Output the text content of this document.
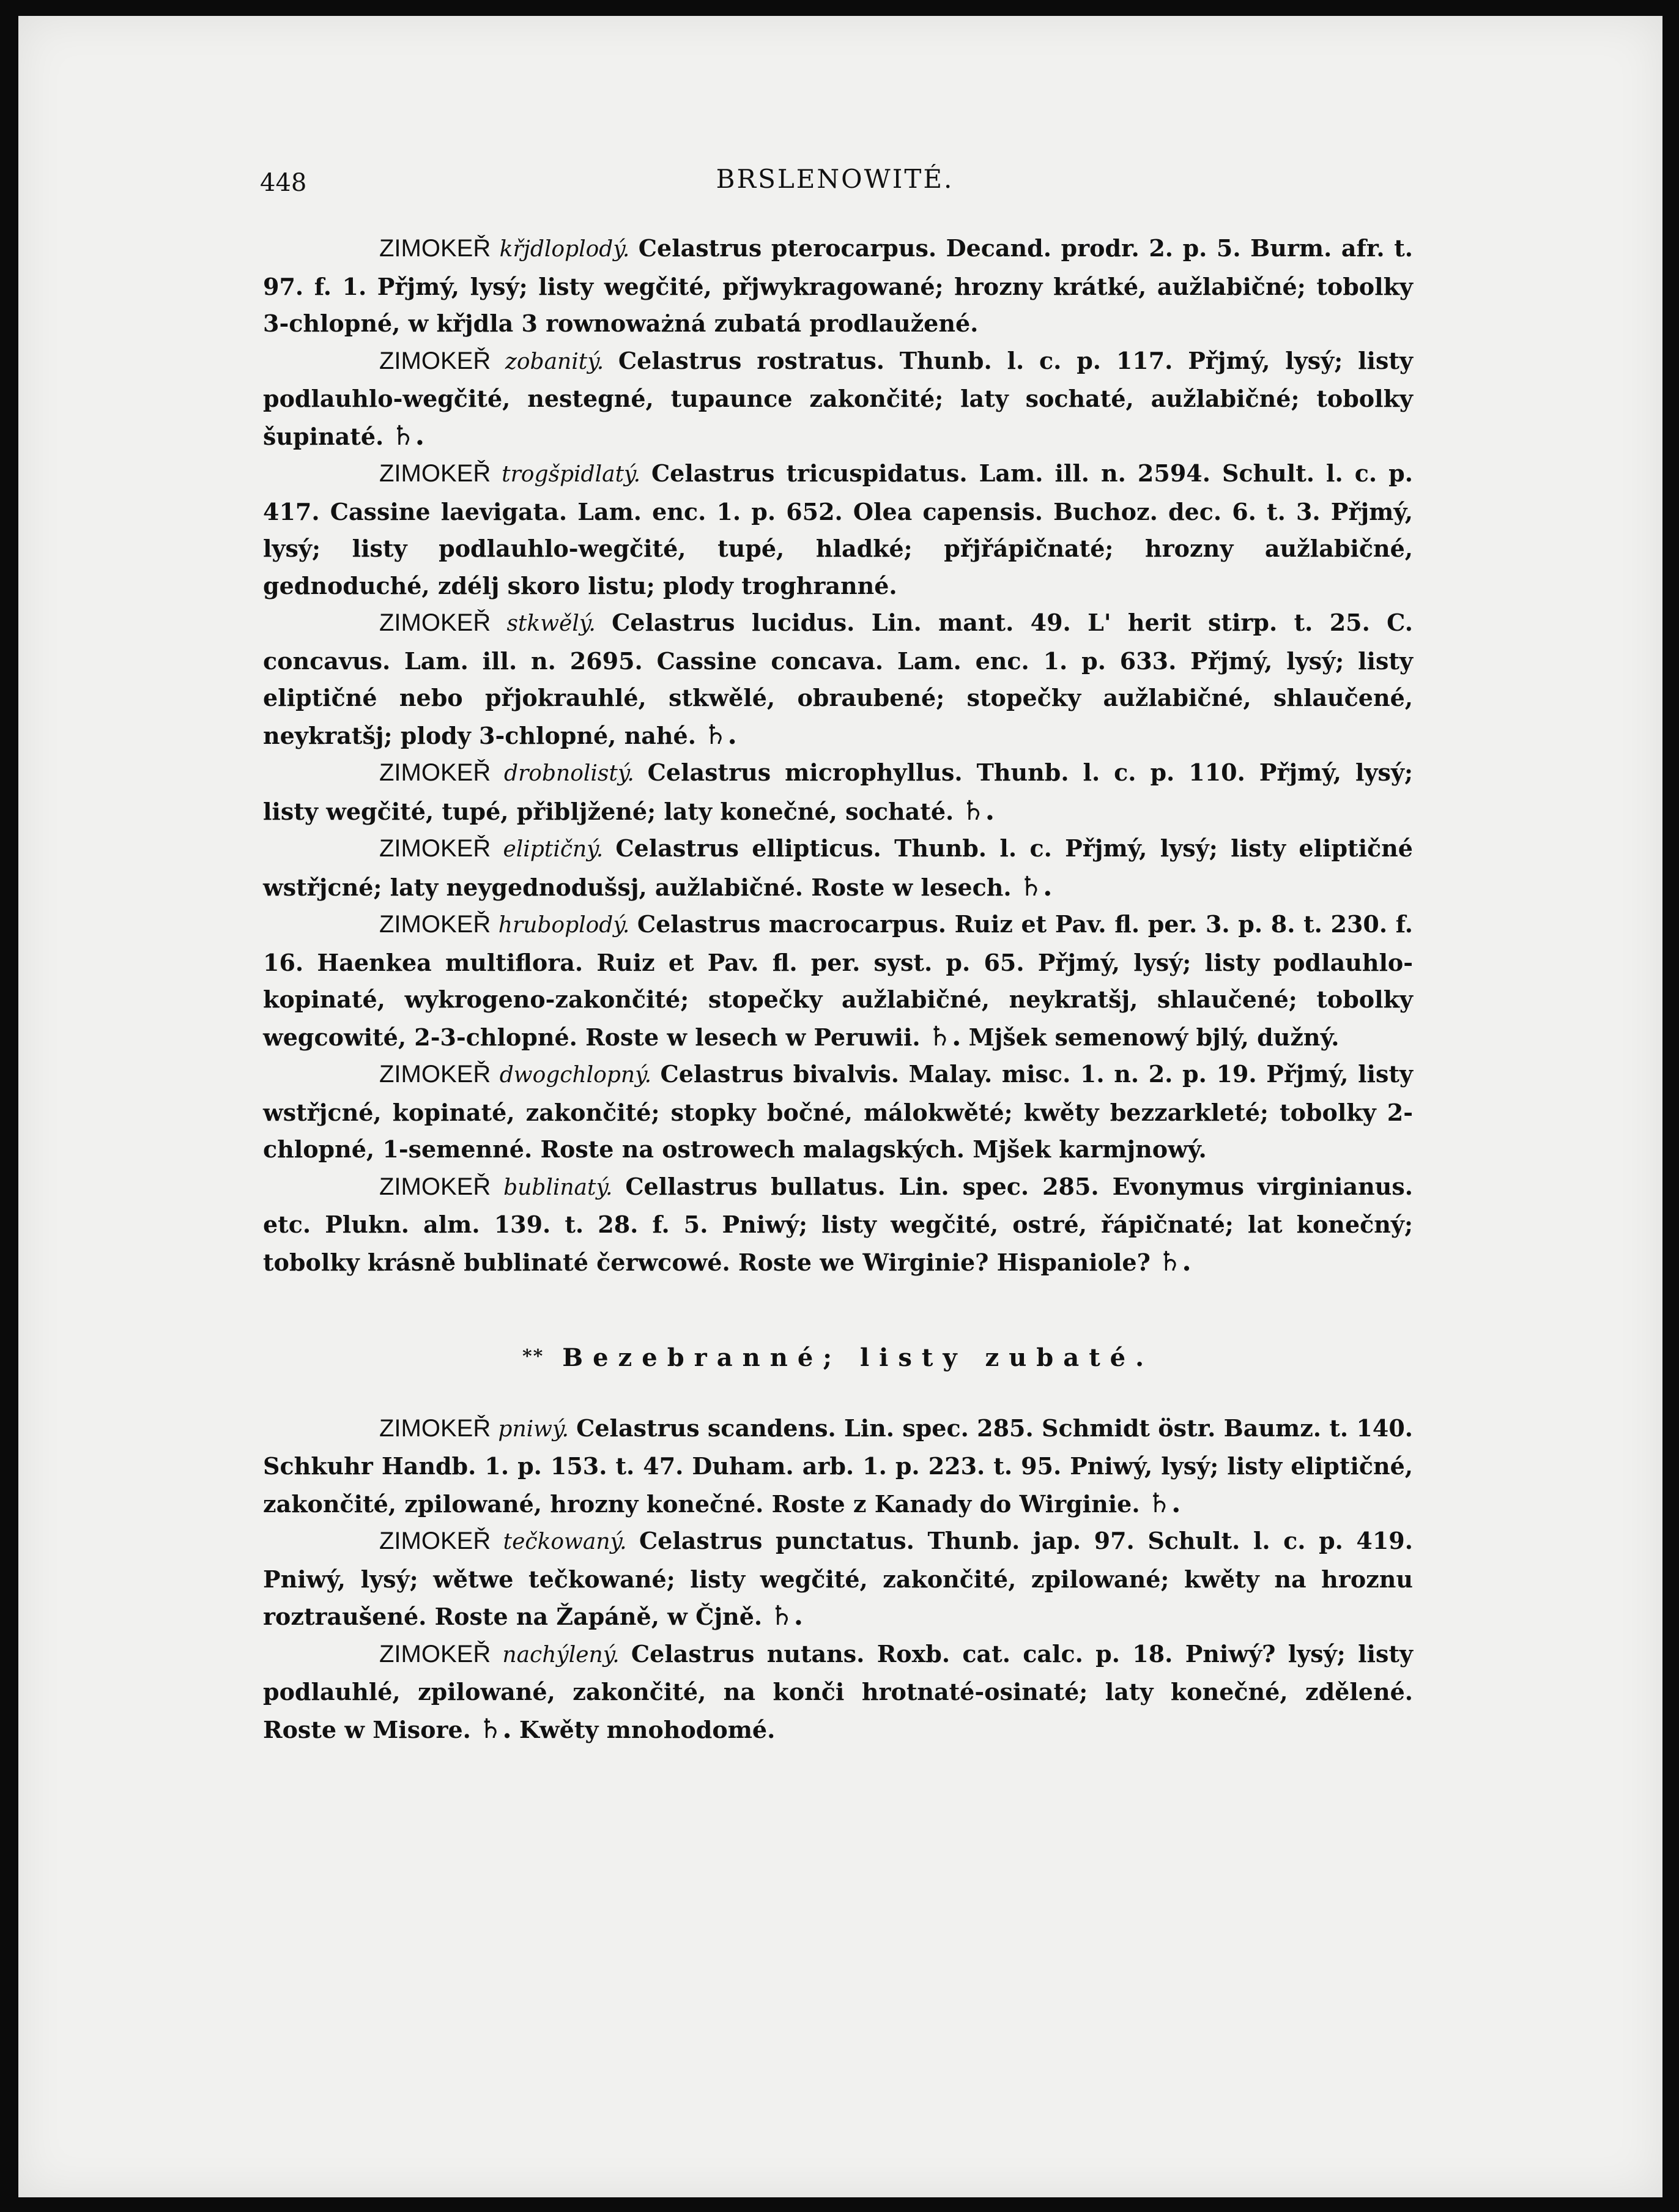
448	BRSLENOWITÉ.

ZIMOKEŘ křjdloplodý. Celastrus pterocarpus. Decand. prodr. 2. p. 5. Burm. afr. t. 97. f. 1. Přjmý, lysý; listy wegčité, přjwykragowané; hrozny krátké, aužlabičné; tobolky 3-chlopné, w křjdla 3 rownoważná zubatá prodlaužené.

ZIMOKEŘ zobanitý. Celastrus rostratus. Thunb. l. c. p. 117. Přjmý, lysý; listy podlauhlo-wegčité, nestegné, tupaunce zakončité; laty sochaté, aužlabičné; tobolky šupinaté. ♄.

ZIMOKEŘ trogšpidlatý. Celastrus tricuspidatus. Lam. ill. n. 2594. Schult. l. c. p. 417. Cassine laevigata. Lam. enc. 1. p. 652. Olea capensis. Buchoz. dec. 6. t. 3. Přjmý, lysý; listy podlauhlo-wegčité, tupé, hladké; přjřápičnaté; hrozny aužlabičné, gednoduché, zdélj skoro listu; plody troghranné.

ZIMOKEŘ stkwělý. Celastrus lucidus. Lin. mant. 49. L' herit stirp. t. 25. C. concavus. Lam. ill. n. 2695. Cassine concava. Lam. enc. 1. p. 633. Přjmý, lysý; listy eliptičné nebo přjokrauhlé, stkwělé, obraubené; stopečky aužlabičné, shlaučené, neykratšj; plody 3-chlopné, nahé. ♄.

ZIMOKEŘ drobnolistý. Celastrus microphyllus. Thunb. l. c. p. 110. Přjmý, lysý; listy wegčité, tupé, přibljžené; laty konečné, sochaté. ♄.

ZIMOKEŘ eliptičný. Celastrus ellipticus. Thunb. l. c. Přjmý, lysý; listy eliptičné wstřjcné; laty neygednodušsj, aužlabičné. Roste w lesech. ♄.

ZIMOKEŘ hruboplodý. Celastrus macrocarpus. Ruiz et Pav. fl. per. 3. p. 8. t. 230. f. 16. Haenkea multiflora. Ruiz et Pav. fl. per. syst. p. 65. Přjmý, lysý; listy podlauhlo-kopinaté, wykrogeno-zakončité; stopečky aužlabičné, neykratšj, shlaučené; tobolky wegcowité, 2-3-chlopné. Roste w lesech w Peruwii. ♄. Mjšek semenowý bjlý, dužný.

ZIMOKEŘ dwogchlopný. Celastrus bivalvis. Malay. misc. 1. n. 2. p. 19. Přjmý, listy wstřjcné, kopinaté, zakončité; stopky bočné, málokwěté; kwěty bezzarkleté; tobolky 2-chlopné, 1-semenné. Roste na ostrowech malagských. Mjšek karmjnowý.

ZIMOKEŘ bublinatý. Cellastrus bullatus. Lin. spec. 285. Evonymus virginianus. etc. Plukn. alm. 139. t. 28. f. 5. Pniwý; listy wegčité, ostré, řápičnaté; lat konečný; tobolky krásně bublinaté čerwcowé. Roste we Wirginie? Hispaniole? ♄.

** Bezebranné; listy zubaté.

ZIMOKEŘ pniwý. Celastrus scandens. Lin. spec. 285. Schmidt östr. Baumz. t. 140. Schkuhr Handb. 1. p. 153. t. 47. Duham. arb. 1. p. 223. t. 95. Pniwý, lysý; listy eliptičné, zakončité, zpilowané, hrozny konečné. Roste z Kanady do Wirginie. ♄.

ZIMOKEŘ tečkowaný. Celastrus punctatus. Thunb. jap. 97. Schult. l. c. p. 419. Pniwý, lysý; wětwe tečkowané; listy wegčité, zakončité, zpilowané; kwěty na hroznu roztraušené. Roste na Žapáně, w Čjně. ♄.

ZIMOKEŘ nachýlený. Celastrus nutans. Roxb. cat. calc. p. 18. Pniwý? lysý; listy podlauhlé, zpilowané, zakončité, na konči hrotnaté-osinaté; laty konečné, zdělené. Roste w Misore. ♄. Kwěty mnohodomé.
